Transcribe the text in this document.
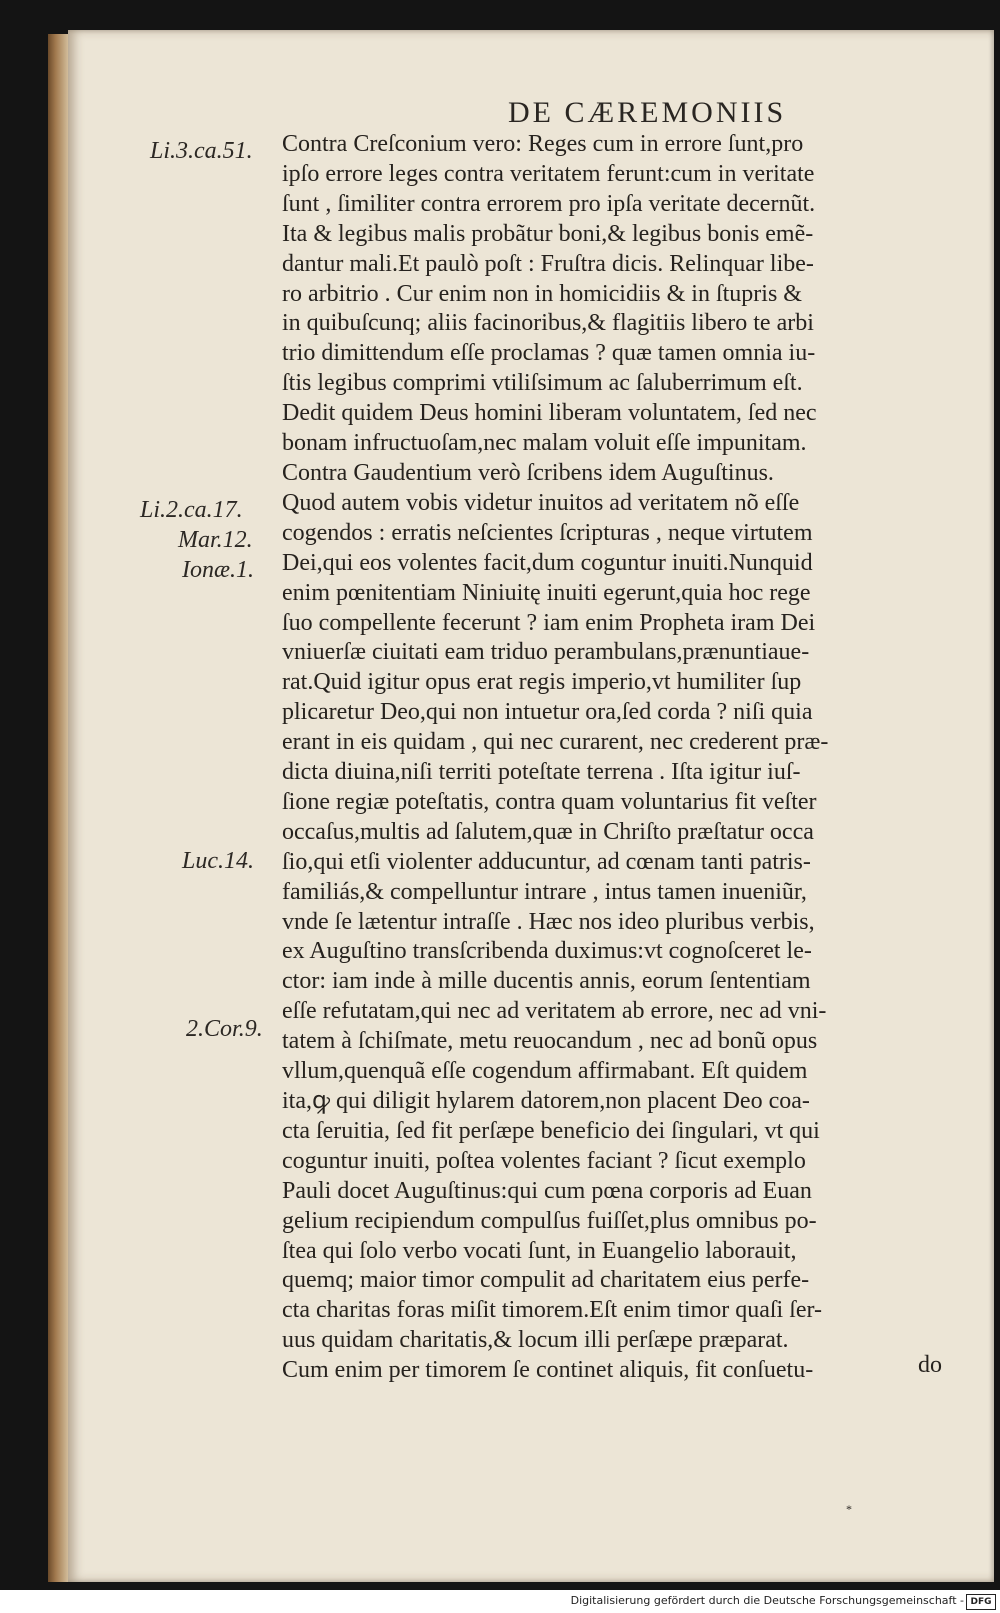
DE CÆREMONIIS
Li.3.ca.51.
Li.2.ca.17.
Mar.12.
Ionæ.1.
Luc.14.
2.Cor.9.
Contra Creſconium vero: Reges cum in errore ſunt,pro
ipſo errore leges contra veritatem ferunt:cum in veritate
ſunt , ſimiliter contra errorem pro ipſa veritate decernũt.
Ita & legibus malis probãtur boni,& legibus bonis emẽ-
dantur mali.Et paulò poſt : Fruſtra dicis. Relinquar libe-
ro arbitrio . Cur enim non in homicidiis & in ſtupris &
in quibuſcunq; aliis facinoribus,& flagitiis libero te arbi
trio dimittendum eſſe proclamas ? quæ tamen omnia iu-
ſtis legibus comprimi vtiliſsimum ac ſaluberrimum eſt.
Dedit quidem Deus homini liberam voluntatem, ſed nec
bonam infructuoſam,nec malam voluit eſſe impunitam.
Contra Gaudentium verò ſcribens idem Auguſtinus.
Quod autem vobis videtur inuitos ad veritatem nõ eſſe
cogendos : erratis neſcientes ſcripturas , neque virtutem
Dei,qui eos volentes facit,dum coguntur inuiti.Nunquid
enim pœnitentiam Niniuitę inuiti egerunt,quia hoc rege
ſuo compellente fecerunt ? iam enim Propheta iram Dei
vniuerſæ ciuitati eam triduo perambulans,prænuntiaue-
rat.Quid igitur opus erat regis imperio,vt humiliter ſup
plicaretur Deo,qui non intuetur ora,ſed corda ? niſi quia
erant in eis quidam , qui nec curarent, nec crederent præ-
dicta diuina,niſi territi poteſtate terrena . Iſta igitur iuſ-
ſione regiæ poteſtatis, contra quam voluntarius fit veſter
occaſus,multis ad ſalutem,quæ in Chriſto præſtatur occa
ſio,qui etſi violenter adducuntur, ad cœnam tanti patris-
familiás,& compelluntur intrare , intus tamen inueniũr,
vnde ſe lætentur intraſſe . Hæc nos ideo pluribus verbis,
ex Auguſtino transſcribenda duximus:vt cognoſceret le-
ctor: iam inde à mille ducentis annis, eorum ſententiam
eſſe refutatam,qui nec ad veritatem ab errore, nec ad vni-
tatem à ſchiſmate, metu reuocandum , nec ad bonũ opus
vllum,quenquã eſſe cogendum affirmabant. Eſt quidem
ita,ꝙ qui diligit hylarem datorem,non placent Deo coa-
cta ſeruitia, ſed fit perſæpe beneficio dei ſingulari, vt qui
coguntur inuiti, poſtea volentes faciant ? ſicut exemplo
Pauli docet Auguſtinus:qui cum pœna corporis ad Euan
gelium recipiendum compulſus fuiſſet,plus omnibus po-
ſtea qui ſolo verbo vocati ſunt, in Euangelio laborauit,
quemq; maior timor compulit ad charitatem eius perfe-
cta charitas foras miſit timorem.Eſt enim timor quaſi ſer-
uus quidam charitatis,& locum illi perſæpe præparat.
Cum enim per timorem ſe continet aliquis, fit conſuetu-	do
*
Digitalisierung gefördert durch die Deutsche Forschungsgemeinschaft - DFG
